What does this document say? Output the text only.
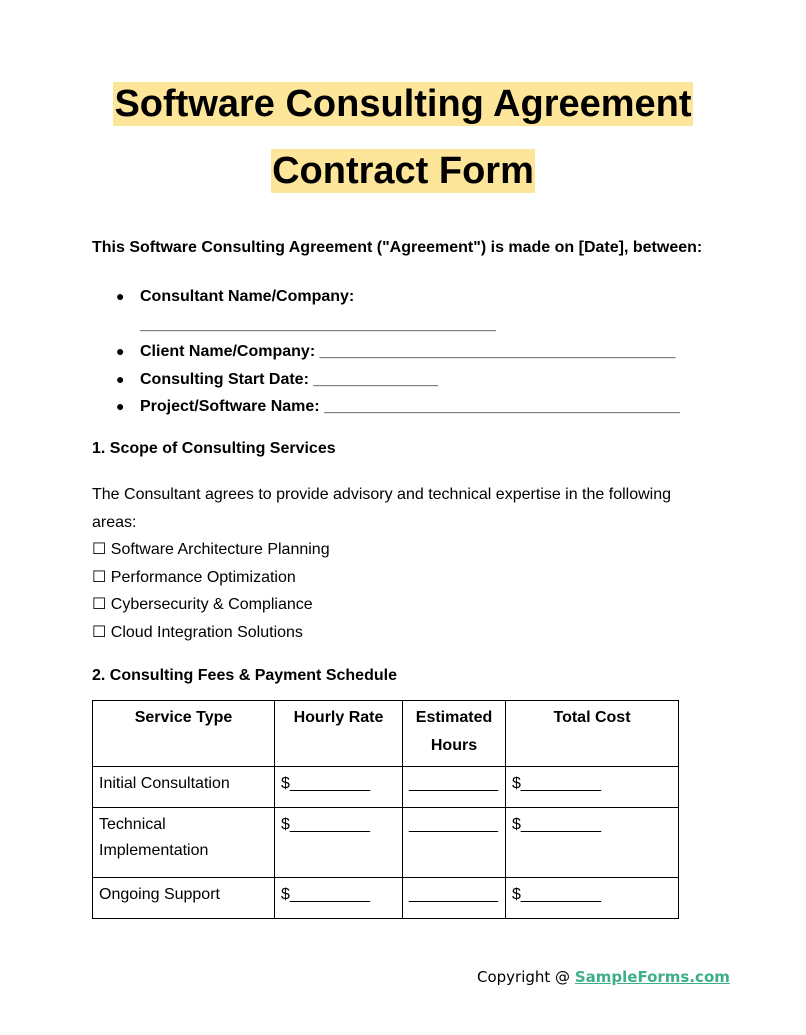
Software Consulting Agreement
Contract Form

This Software Consulting Agreement ("Agreement") is made on [Date], between:

● Consultant Name/Company:
________________________________________
● Client Name/Company: ________________________________________
● Consulting Start Date: ______________
● Project/Software Name: ________________________________________
1. Scope of Consulting Services

The Consultant agrees to provide advisory and technical expertise in the following areas:

☐ Software Architecture Planning
☐ Performance Optimization
☐ Cybersecurity & Compliance
☐ Cloud Integration Solutions
2. Consulting Fees & Payment Schedule
Service Type	Hourly Rate	Estimated Hours	Total Cost
Initial Consultation	$_________	__________	$_________
Technical Implementation	$_________	__________	$_________
Ongoing Support	$_________	__________	$_________
Copyright @ SampleForms.com
